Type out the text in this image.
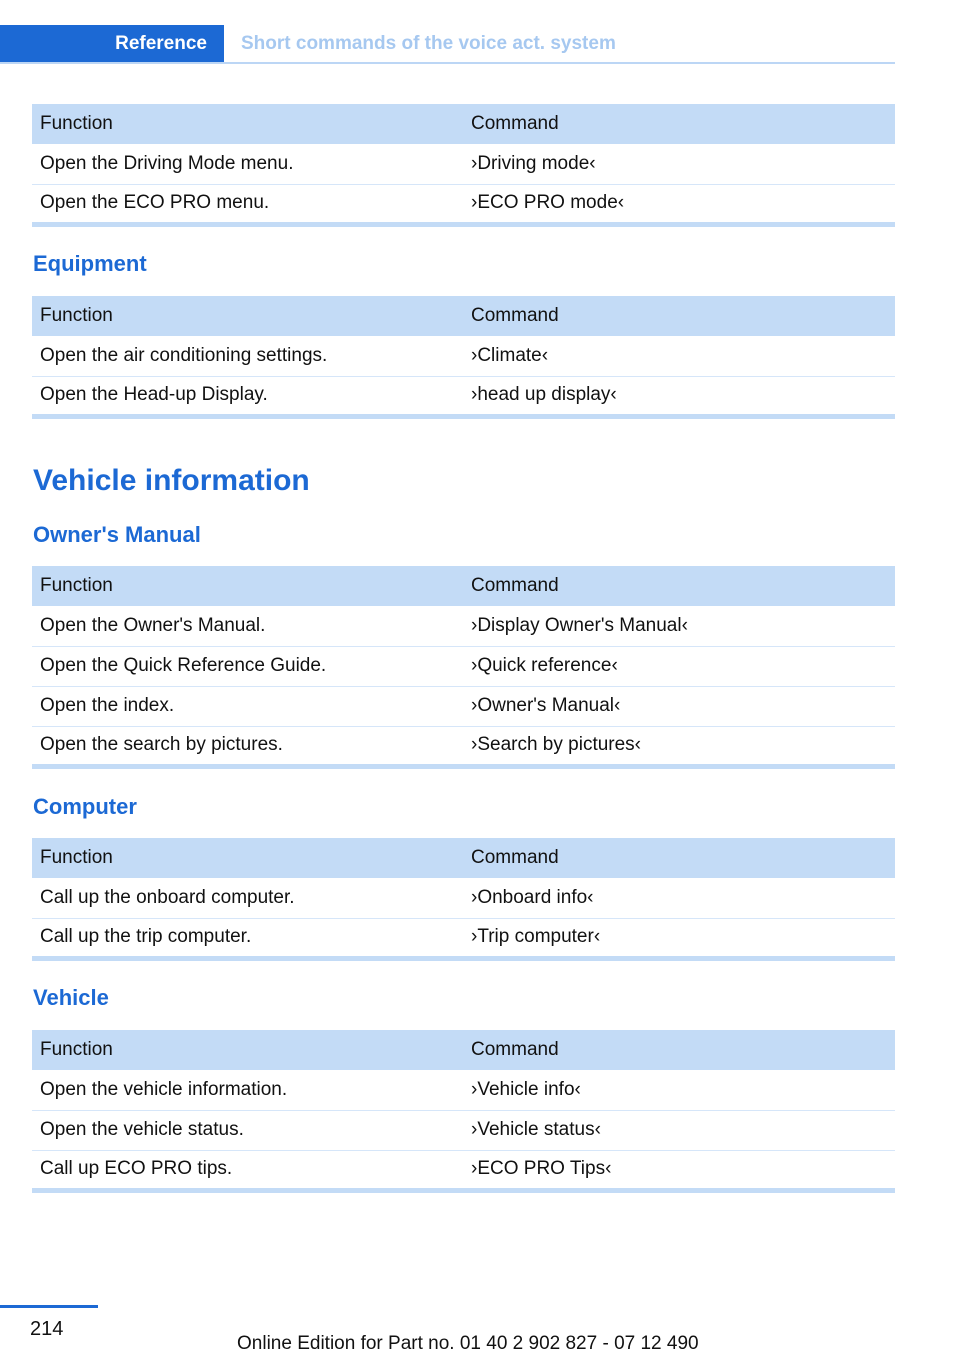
Reference	Short commands of the voice act. system
Function	Command
Open the Driving Mode menu.	›Driving mode‹
Open the ECO PRO menu.	›ECO PRO mode‹
Equipment
Function	Command
Open the air conditioning settings.	›Climate‹
Open the Head-up Display.	›head up display‹
Vehicle information
Owner's Manual
Function	Command
Open the Owner's Manual.	›Display Owner's Manual‹
Open the Quick Reference Guide.	›Quick reference‹
Open the index.	›Owner's Manual‹
Open the search by pictures.	›Search by pictures‹
Computer
Function	Command
Call up the onboard computer.	›Onboard info‹
Call up the trip computer.	›Trip computer‹
Vehicle
Function	Command
Open the vehicle information.	›Vehicle info‹
Open the vehicle status.	›Vehicle status‹
Call up ECO PRO tips.	›ECO PRO Tips‹
214
Online Edition for Part no. 01 40 2 902 827 - 07 12 490
